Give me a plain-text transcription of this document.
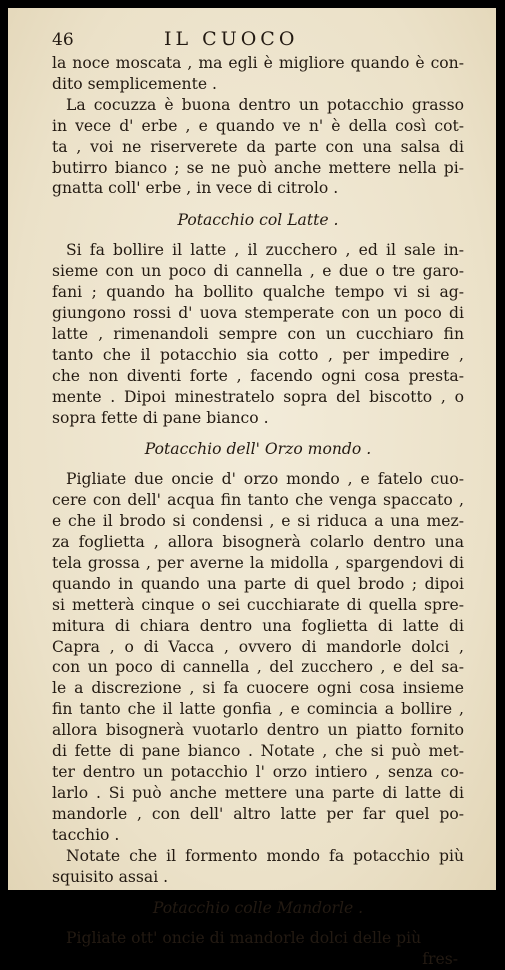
46	IL CUOCO
la noce moscata , ma egli è migliore quando è con-
dito semplicemente .
La cocuzza è buona dentro un potacchio grasso
in vece d' erbe , e quando ve n' è della così cot-
ta , voi ne riserverete da parte con una salsa di
butirro bianco ; se ne può anche mettere nella pi-
gnatta coll' erbe , in vece di citrolo .
Potacchio col Latte .
Si fa bollire il latte , il zucchero , ed il sale in-
sieme con un poco di cannella , e due o tre garo-
fani ; quando ha bollito qualche tempo vi si ag-
giungono rossi d' uova stemperate con un poco di
latte , rimenandoli sempre con un cucchiaro fin
tanto che il potacchio sia cotto , per impedire ,
che non diventi forte , facendo ogni cosa presta-
mente . Dipoi minestratelo sopra del biscotto , o
sopra fette di pane bianco .
Potacchio dell' Orzo mondo .
Pigliate due oncie d' orzo mondo , e fatelo cuo-
cere con dell' acqua fin tanto che venga spaccato ,
e che il brodo si condensi , e si riduca a una mez-
za foglietta , allora bisognerà colarlo dentro una
tela grossa , per averne la midolla , spargendovi di
quando in quando una parte di quel brodo ; dipoi
si metterà cinque o sei cucchiarate di quella spre-
mitura di chiara dentro una foglietta di latte di
Capra , o di Vacca , ovvero di mandorle dolci ,
con un poco di cannella , del zucchero , e del sa-
le a discrezione , si fa cuocere ogni cosa insieme
fin tanto che il latte gonfia , e comincia a bollire ,
allora bisognerà vuotarlo dentro un piatto fornito
di fette di pane bianco . Notate , che si può met-
ter dentro un potacchio l' orzo intiero , senza co-
larlo . Si può anche mettere una parte di latte di
mandorle , con dell' altro latte per far quel po-
tacchio .
Notate che il formento mondo fa potacchio più
squisito assai .
Potacchio colle Mandorle .
Pigliate ott' oncie di mandorle dolci delle più
fres-
